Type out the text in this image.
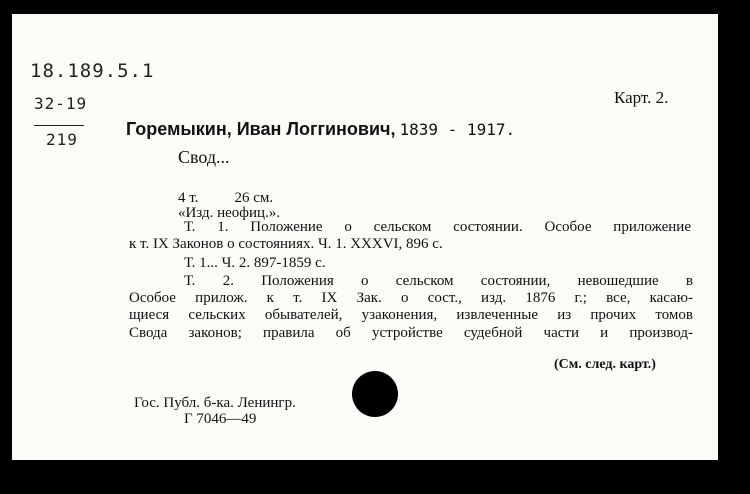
18.189.5.1
32-19
219
Карт. 2.
Горемыкин, Иван Логгинович, 1839 - 1917.
Свод...
4 т. 26 см.
«Изд. неофиц.».
Т. 1. Положение о сельском состоянии. Особое приложение
к т. IX Законов о состояниях. Ч. 1. XXXVI, 896 с.
Т. 1... Ч. 2. 897-1859 с.
Т. 2. Положения о сельском состоянии, невошедшие в
Особое прилож. к т. IX Зак. о сост., изд. 1876 г.; все, касаю-
щиеся сельских обывателей, узаконения, извлеченные из прочих томов
Свода законов; правила об устройстве судебной части и производ-
(См. след. карт.)
Гос. Публ. б-ка. Ленингр.
Г 7046—49
